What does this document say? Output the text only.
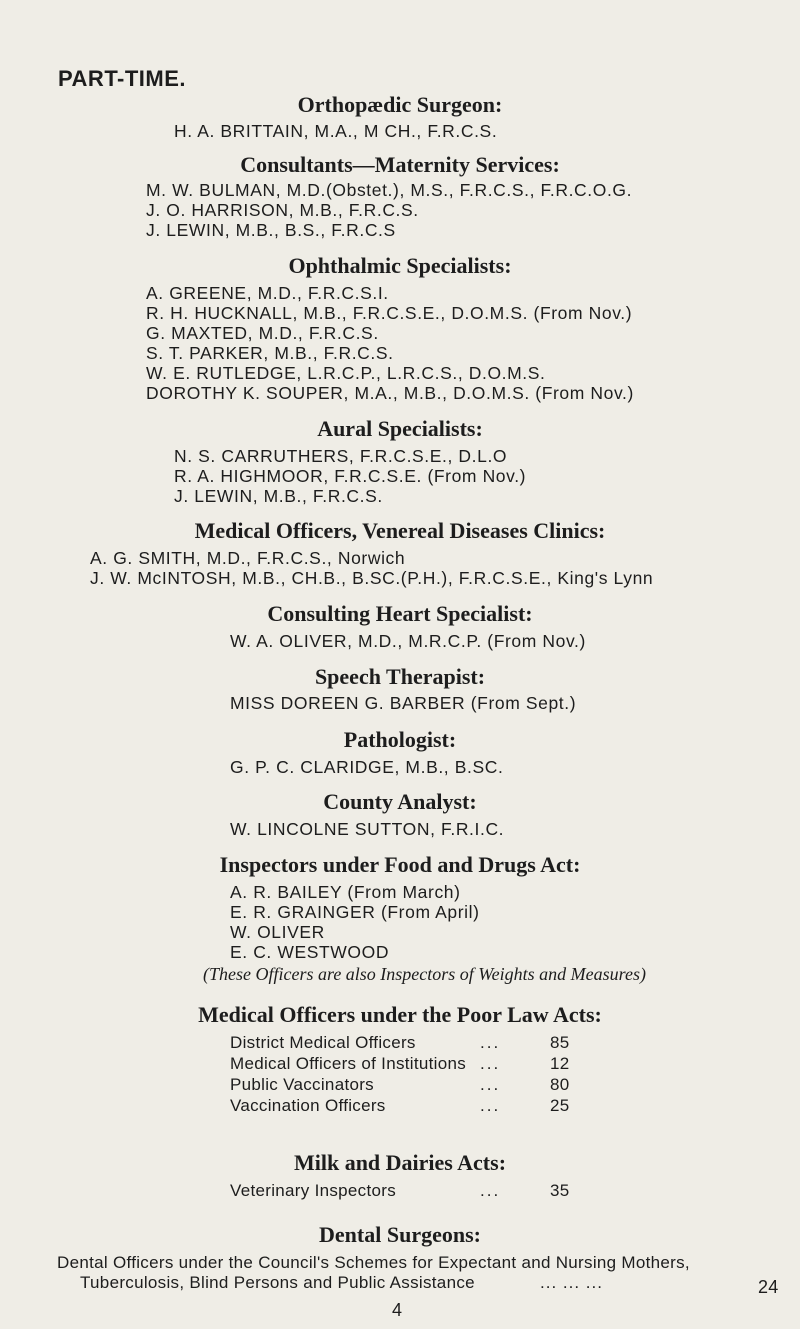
PART-TIME.
Orthopædic Surgeon:
H. A. BRITTAIN, M.A., M CH., F.R.C.S.
Consultants—Maternity Services:
M. W. BULMAN, M.D.(Obstet.), M.S., F.R.C.S., F.R.C.O.G.
J. O. HARRISON, M.B., F.R.C.S.
J. LEWIN, M.B., B.S., F.R.C.S
Ophthalmic Specialists:
A. GREENE, M.D., F.R.C.S.I.
R. H. HUCKNALL, M.B., F.R.C.S.E., D.O.M.S. (From Nov.)
G. MAXTED, M.D., F.R.C.S.
S. T. PARKER, M.B., F.R.C.S.
W. E. RUTLEDGE, L.R.C.P., L.R.C.S., D.O.M.S.
DOROTHY K. SOUPER, M.A., M.B., D.O.M.S. (From Nov.)
Aural Specialists:
N. S. CARRUTHERS, F.R.C.S.E., D.L.O
R. A. HIGHMOOR, F.R.C.S.E. (From Nov.)
J. LEWIN, M.B., F.R.C.S.
Medical Officers, Venereal Diseases Clinics:
A. G. SMITH, M.D., F.R.C.S., Norwich
J. W. McINTOSH, M.B., CH.B., B.SC.(P.H.), F.R.C.S.E., King's Lynn
Consulting Heart Specialist:
W. A. OLIVER, M.D., M.R.C.P. (From Nov.)
Speech Therapist:
MISS DOREEN G. BARBER (From Sept.)
Pathologist:
G. P. C. CLARIDGE, M.B., B.SC.
County Analyst:
W. LINCOLNE SUTTON, F.R.I.C.
Inspectors under Food and Drugs Act:
A. R. BAILEY (From March)
E. R. GRAINGER (From April)
W. OLIVER
E. C. WESTWOOD
(These Officers are also Inspectors of Weights and Measures)
Medical Officers under the Poor Law Acts:
District Medical Officers	...	85
Medical Officers of Institutions ...	12
Public Vaccinators	...	80
Vaccination Officers	...	25
Milk and Dairies Acts:
Veterinary Inspectors	...	35
Dental Surgeons:
Dental Officers under the Council's Schemes for Expectant and Nursing Mothers,
Tuberculosis, Blind Persons and Public Assistance	... ... ...	24
4
